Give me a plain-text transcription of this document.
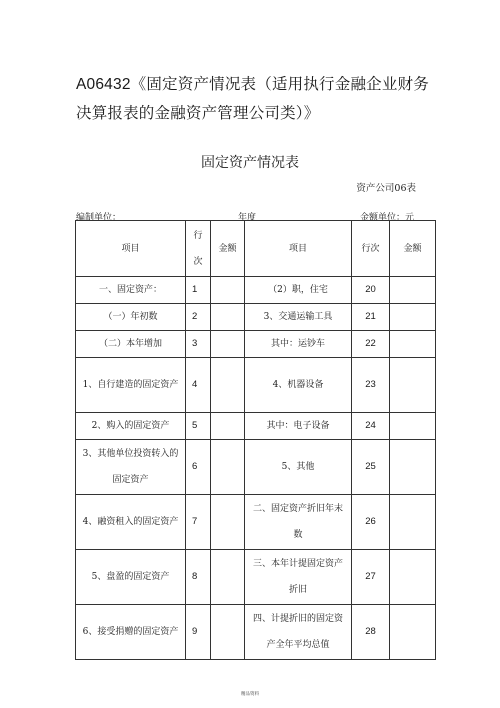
A06432《固定资产情况表（适用执行金融企业财务决算报表的金融资产管理公司类）》
固定资产情况表
资产公司06表
编制单位：	年度	金额单位：元
项目	行次	金额	项目	行次	金额
一、固定资产：	1		（2）职，住宅	20	
（一）年初数	2		3、交通运输工具	21	
（二）本年增加	3		其中：运钞车	22	
1、自行建造的固定资产	4		4、机器设备	23	
2、购入的固定资产	5		其中：电子设备	24	
3、其他单位投资转入的固定资产	6		5、其他	25	
4、融资租入的固定资产	7		二、固定资产折旧年末数	26	
5、盘盈的固定资产	8		三、本年计提固定资产折旧	27	
6、接受捐赠的固定资产	9		四、计提折旧的固定资产全年平均总值	28	
精品资料
